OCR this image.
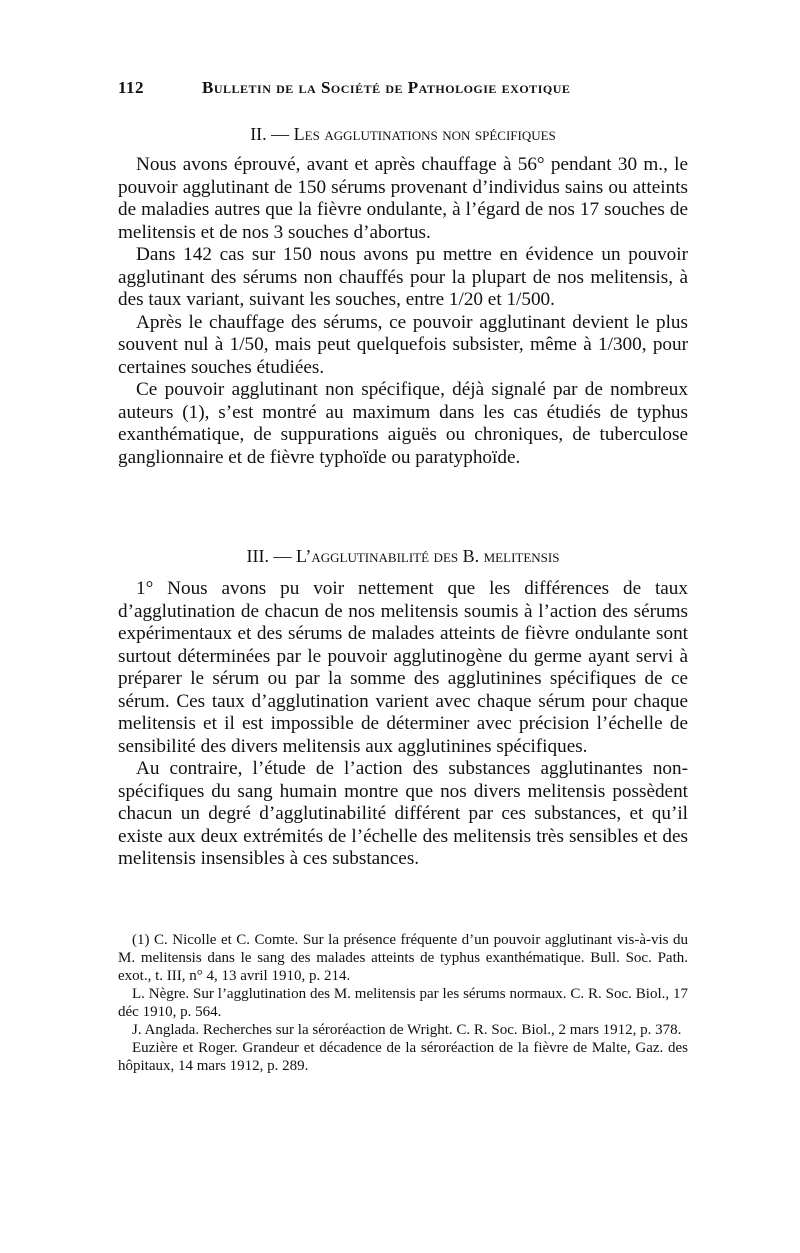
112	Bulletin de la Société de Pathologie exotique
II. — Les agglutinations non spécifiques

Nous avons éprouvé, avant et après chauffage à 56° pendant 30 m., le pouvoir agglutinant de 150 sérums provenant d’individus sains ou atteints de maladies autres que la fièvre ondulante, à l’égard de nos 17 souches de melitensis et de nos 3 souches d’abortus.

Dans 142 cas sur 150 nous avons pu mettre en évidence un pouvoir agglutinant des sérums non chauffés pour la plupart de nos melitensis, à des taux variant, suivant les souches, entre 1/20 et 1/500.

Après le chauffage des sérums, ce pouvoir agglutinant devient le plus souvent nul à 1/50, mais peut quelquefois subsister, même à 1/300, pour certaines souches étudiées.

Ce pouvoir agglutinant non spécifique, déjà signalé par de nombreux auteurs (1), s’est montré au maximum dans les cas étudiés de typhus exanthématique, de suppurations aiguës ou chroniques, de tuberculose ganglionnaire et de fièvre typhoïde ou paratyphoïde.

III. — L’agglutinabilité des B. melitensis

1° Nous avons pu voir nettement que les différences de taux d’agglutination de chacun de nos melitensis soumis à l’action des sérums expérimentaux et des sérums de malades atteints de fièvre ondulante sont surtout déterminées par le pouvoir agglutinogène du germe ayant servi à préparer le sérum ou par la somme des agglutinines spécifiques de ce sérum. Ces taux d’agglutination varient avec chaque sérum pour chaque melitensis et il est impossible de déterminer avec précision l’échelle de sensibilité des divers melitensis aux agglutinines spécifiques.

Au contraire, l’étude de l’action des substances agglutinantes non-spécifiques du sang humain montre que nos divers melitensis possèdent chacun un degré d’agglutinabilité différent par ces substances, et qu’il existe aux deux extrémités de l’échelle des melitensis très sensibles et des melitensis insensibles à ces substances.

(1) C. Nicolle et C. Comte. Sur la présence fréquente d’un pouvoir agglutinant vis-à-vis du M. melitensis dans le sang des malades atteints de typhus exanthématique. Bull. Soc. Path. exot., t. III, n° 4, 13 avril 1910, p. 214.

L. Nègre. Sur l’agglutination des M. melitensis par les sérums normaux. C. R. Soc. Biol., 17 déc 1910, p. 564.

J. Anglada. Recherches sur la séroréaction de Wright. C. R. Soc. Biol., 2 mars 1912, p. 378.

Euzière et Roger. Grandeur et décadence de la séroréaction de la fièvre de Malte, Gaz. des hôpitaux, 14 mars 1912, p. 289.
